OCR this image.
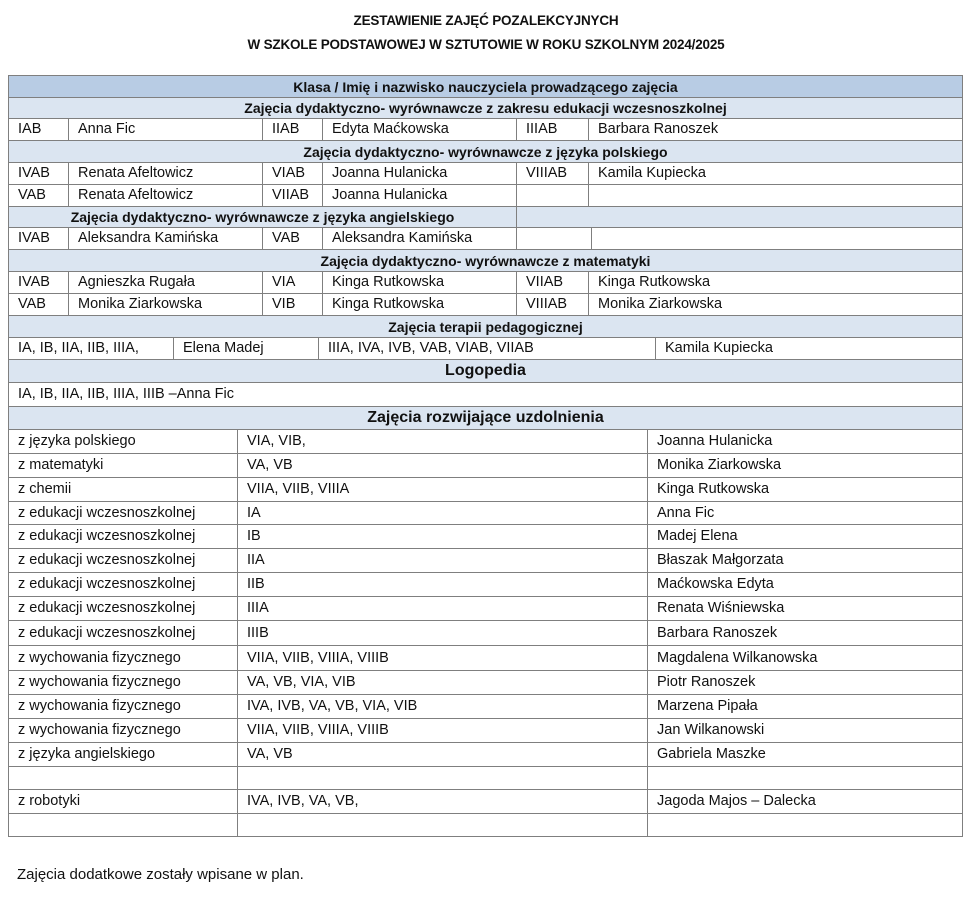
ZESTAWIENIE ZAJĘĆ POZALEKCYJNYCH
W SZKOLE PODSTAWOWEJ W SZTUTOWIE W ROKU SZKOLNYM 2024/2025
Klasa / Imię i nazwisko nauczyciela prowadzącego zajęcia
Zajęcia dydaktyczno- wyrównawcze z zakresu edukacji wczesnoszkolnej
IAB	Anna Fic	IIAB	Edyta Maćkowska	IIIAB	Barbara Ranoszek
Zajęcia dydaktyczno- wyrównawcze z języka polskiego
IVAB	Renata Afeltowicz	VIAB	Joanna Hulanicka	VIIIAB	Kamila Kupiecka
VAB	Renata Afeltowicz	VIIAB	Joanna Hulanicka
Zajęcia dydaktyczno- wyrównawcze z języka angielskiego
IVAB	Aleksandra Kamińska	VAB	Aleksandra Kamińska
Zajęcia dydaktyczno- wyrównawcze z matematyki
IVAB	Agnieszka Rugała	VIA	Kinga Rutkowska	VIIAB	Kinga Rutkowska
VAB	Monika Ziarkowska	VIB	Kinga Rutkowska	VIIIAB	Monika Ziarkowska
Zajęcia terapii pedagogicznej
IA, IB, IIA, IIB, IIIA,	Elena Madej	IIIA, IVA, IVB, VAB, VIAB, VIIAB	Kamila Kupiecka
Logopedia
IA, IB, IIA, IIB, IIIA, IIIB –Anna Fic
Zajęcia rozwijające uzdolnienia
z języka polskiego	VIA, VIB,	Joanna Hulanicka
z matematyki	VA, VB	Monika Ziarkowska
z chemii	VIIA, VIIB, VIIIA	Kinga Rutkowska
z edukacji wczesnoszkolnej	IA	Anna Fic
z edukacji wczesnoszkolnej	IB	Madej Elena
z edukacji wczesnoszkolnej	IIA	Błaszak Małgorzata
z edukacji wczesnoszkolnej	IIB	Maćkowska Edyta
z edukacji wczesnoszkolnej	IIIA	Renata Wiśniewska
z edukacji wczesnoszkolnej	IIIB	Barbara Ranoszek
z wychowania fizycznego	VIIA, VIIB, VIIIA, VIIIB	Magdalena Wilkanowska
z wychowania fizycznego	VA, VB, VIA, VIB	Piotr Ranoszek
z wychowania fizycznego	IVA, IVB, VA, VB, VIA, VIB	Marzena Pipała
z wychowania fizycznego	VIIA, VIIB, VIIIA, VIIIB	Jan Wilkanowski
z języka angielskiego	VA, VB	Gabriela Maszke
z robotyki	IVA, IVB, VA, VB,	Jagoda Majos – Dalecka
Zajęcia dodatkowe zostały wpisane w plan.
